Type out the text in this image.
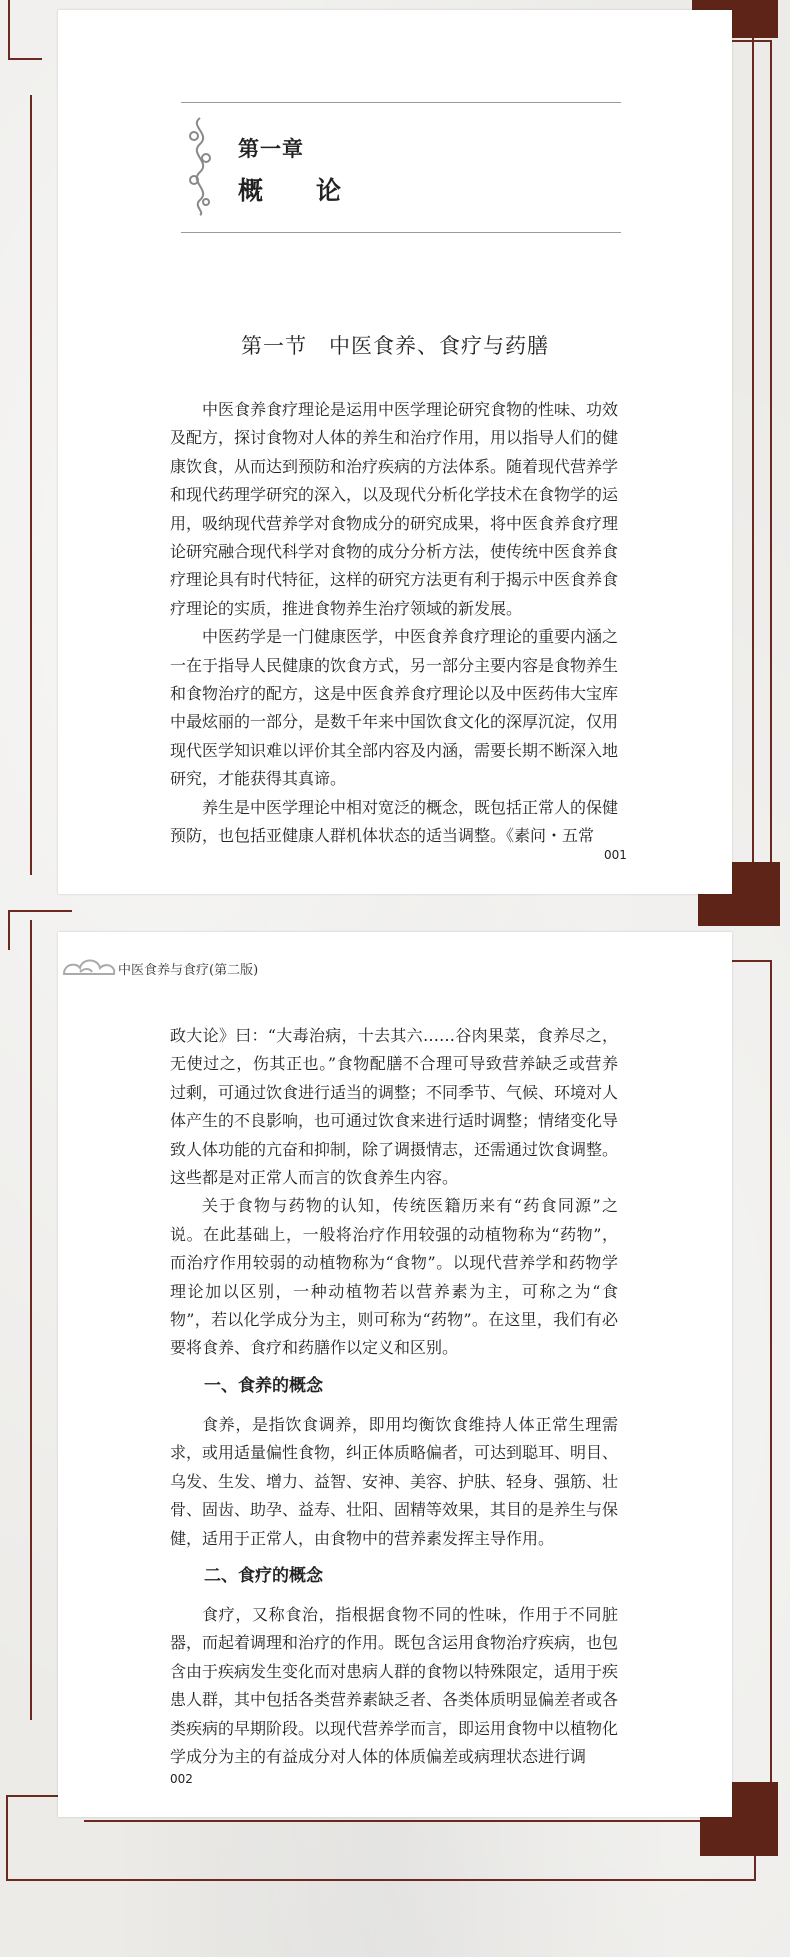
第一章
概　论
第一节　中医食养、食疗与药膳

中医食养食疗理论是运用中医学理论研究食物的性味、功效及配方，探讨食物对人体的养生和治疗作用，用以指导人们的健康饮食，从而达到预防和治疗疾病的方法体系。随着现代营养学和现代药理学研究的深入，以及现代分析化学技术在食物学的运用，吸纳现代营养学对食物成分的研究成果，将中医食养食疗理论研究融合现代科学对食物的成分分析方法，使传统中医食养食疗理论具有时代特征，这样的研究方法更有利于揭示中医食养食疗理论的实质，推进食物养生治疗领域的新发展。

中医药学是一门健康医学，中医食养食疗理论的重要内涵之一在于指导人民健康的饮食方式，另一部分主要内容是食物养生和食物治疗的配方，这是中医食养食疗理论以及中医药伟大宝库中最炫丽的一部分，是数千年来中国饮食文化的深厚沉淀，仅用现代医学知识难以评价其全部内容及内涵，需要长期不断深入地研究，才能获得其真谛。

养生是中医学理论中相对宽泛的概念，既包括正常人的保健预防，也包括亚健康人群机体状态的适当调整。《素问・五常

001
中医食养与食疗(第二版)

政大论》曰：“大毒治病，十去其六……谷肉果菜，食养尽之，无使过之，伤其正也。”食物配膳不合理可导致营养缺乏或营养过剩，可通过饮食进行适当的调整；不同季节、气候、环境对人体产生的不良影响，也可通过饮食来进行适时调整；情绪变化导致人体功能的亢奋和抑制，除了调摄情志，还需通过饮食调整。这些都是对正常人而言的饮食养生内容。

关于食物与药物的认知，传统医籍历来有“药食同源”之说。在此基础上，一般将治疗作用较强的动植物称为“药物”，而治疗作用较弱的动植物称为“食物”。以现代营养学和药物学理论加以区别，一种动植物若以营养素为主，可称之为“食物”，若以化学成分为主，则可称为“药物”。在这里，我们有必要将食养、食疗和药膳作以定义和区别。

一、食养的概念

食养，是指饮食调养，即用均衡饮食维持人体正常生理需求，或用适量偏性食物，纠正体质略偏者，可达到聪耳、明目、乌发、生发、增力、益智、安神、美容、护肤、轻身、强筋、壮骨、固齿、助孕、益寿、壮阳、固精等效果，其目的是养生与保健，适用于正常人，由食物中的营养素发挥主导作用。

二、食疗的概念

食疗，又称食治，指根据食物不同的性味，作用于不同脏器，而起着调理和治疗的作用。既包含运用食物治疗疾病，也包含由于疾病发生变化而对患病人群的食物以特殊限定，适用于疾患人群，其中包括各类营养素缺乏者、各类体质明显偏差者或各类疾病的早期阶段。以现代营养学而言，即运用食物中以植物化学成分为主的有益成分对人体的体质偏差或病理状态进行调

002
